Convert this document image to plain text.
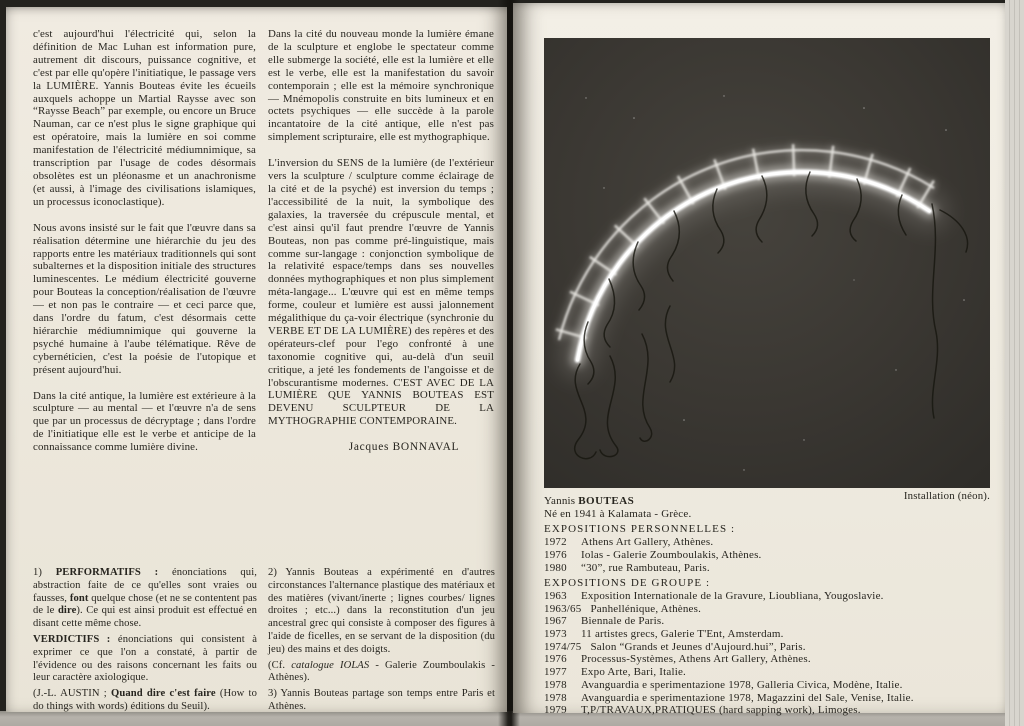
c'est aujourd'hui l'électricité qui, selon la définition de Mac Luhan est information pure, autrement dit discours, puissance cognitive, et c'est par elle qu'opère l'initiatique, le passage vers la LUMIÈRE. Yannis Bouteas évite les écueils auxquels achoppe un Martial Raysse avec son “Raysse Beach” par exemple, ou encore un Bruce Nauman, car ce n'est plus le signe graphique qui est opératoire, mais la lumière en soi comme manifestation de l'électricité médiumnimique, sa transcription par l'usage de codes désormais obsolètes est un pléonasme et un anachronisme (et aussi, à l'image des civilisations islamiques, un processus iconoclastique).

Nous avons insisté sur le fait que l'œuvre dans sa réalisation détermine une hiérarchie du jeu des rapports entre les matériaux traditionnels qui sont subalternes et la disposition initiale des structures luminescentes. Le médium électricité gouverne pour Bouteas la conception/réalisation de l'œuvre — et non pas le contraire — et ceci parce que, dans l'ordre du fatum, c'est désormais cette hiérarchie médiumnimique qui gouverne la psyché humaine à l'aube télématique. Rêve de cybernéticien, c'est la poésie de l'utopique et présent aujourd'hui.

Dans la cité antique, la lumière est extérieure à la sculpture — au mental — et l'œuvre n'a de sens que par un processus de décryptage ; dans l'ordre de l'initiatique elle est le verbe et anticipe de la connaissance comme lumière divine.

Dans la cité du nouveau monde la lumière émane de la sculpture et englobe le spectateur comme elle submerge la société, elle est la lumière et elle est le verbe, elle est la manifestation du savoir contemporain ; elle est la mémoire synchronique — Mnémopolis construite en bits lumineux et en octets psychiques — elle succède à la parole incantatoire de la cité antique, elle n'est pas simplement scripturaire, elle est mythographique.

L'inversion du SENS de la lumière (de l'extérieur vers la sculpture / sculpture comme éclairage de la cité et de la psyché) est inversion du temps ; l'accessibilité de la nuit, la symbolique des galaxies, la traversée du crépuscule mental, et c'est ainsi qu'il faut prendre l'œuvre de Yannis Bouteas, non pas comme pré-linguistique, mais comme sur-langage : conjonction symbolique de la relativité espace/temps dans ses nouvelles données mythographiques et non plus simplement méta-langage... L'œuvre qui est en même temps forme, couleur et lumière est aussi jalonnement mégalithique du ça-voir électrique (synchronie du VERBE ET DE LA LUMIÈRE) des repères et des opérateurs-clef pour l'ego confronté à une taxonomie cognitive qui, au-delà d'un seuil critique, a jeté les fondements de l'angoisse et de l'obscurantisme modernes. C'EST AVEC DE LA LUMIÈRE QUE YANNIS BOUTEAS EST DEVENU SCULPTEUR DE LA MYTHOGRAPHIE CONTEMPORAINE.

Jacques BONNAVAL

1) PERFORMATIFS : énonciations qui, abstraction faite de ce qu'elles sont vraies ou fausses, font quelque chose (et ne se contentent pas de le dire). Ce qui est ainsi produit est effectué en disant cette même chose.

VERDICTIFS : énonciations qui consistent à exprimer ce que l'on a constaté, à partir de l'évidence ou des raisons concernant les faits ou leur caractère axiologique.

(J.-L. AUSTIN ; Quand dire c'est faire (How to do things with words) éditions du Seuil).

2) Yannis Bouteas a expérimenté en d'autres circonstances l'alternance plastique des matériaux et des matières (vivant/inerte ; lignes courbes/ lignes droites ; etc...) dans la reconstitution d'un jeu ancestral grec qui consiste à composer des figures à l'aide de ficelles, en se servant de la disposition (du jeu) des mains et des doigts.

(Cf. catalogue IOLAS - Galerie Zoumboulakis - Athènes).

3) Yannis Bouteas partage son temps entre Paris et Athènes.

Installation (néon).
Yannis BOUTEAS
Né en 1941 à Kalamata - Grèce.
EXPOSITIONS PERSONNELLES :
1972 Athens Art Gallery, Athènes.
1976 Iolas - Galerie Zoumboulakis, Athènes.
1980 “30”, rue Rambuteau, Paris.
EXPOSITIONS DE GROUPE :
1963 Exposition Internationale de la Gravure, Lioubliana, Yougoslavie.
1963/65 Panhellénique, Athènes.
1967 Biennale de Paris.
1973 11 artistes grecs, Galerie T'Ent, Amsterdam.
1974/75 Salon “Grands et Jeunes d'Aujourd.hui”, Paris.
1976 Processus-Systèmes, Athens Art Gallery, Athènes.
1977 Expo Arte, Bari, Italie.
1978 Avanguardia e sperimentazione 1978, Galleria Civica, Modène, Italie.
1978 Avanguardia e sperimentazione 1978, Magazzini del Sale, Venise, Italie.
1979 T,P/TRAVAUX,PRATIQUES (hard sapping work), Limoges.
